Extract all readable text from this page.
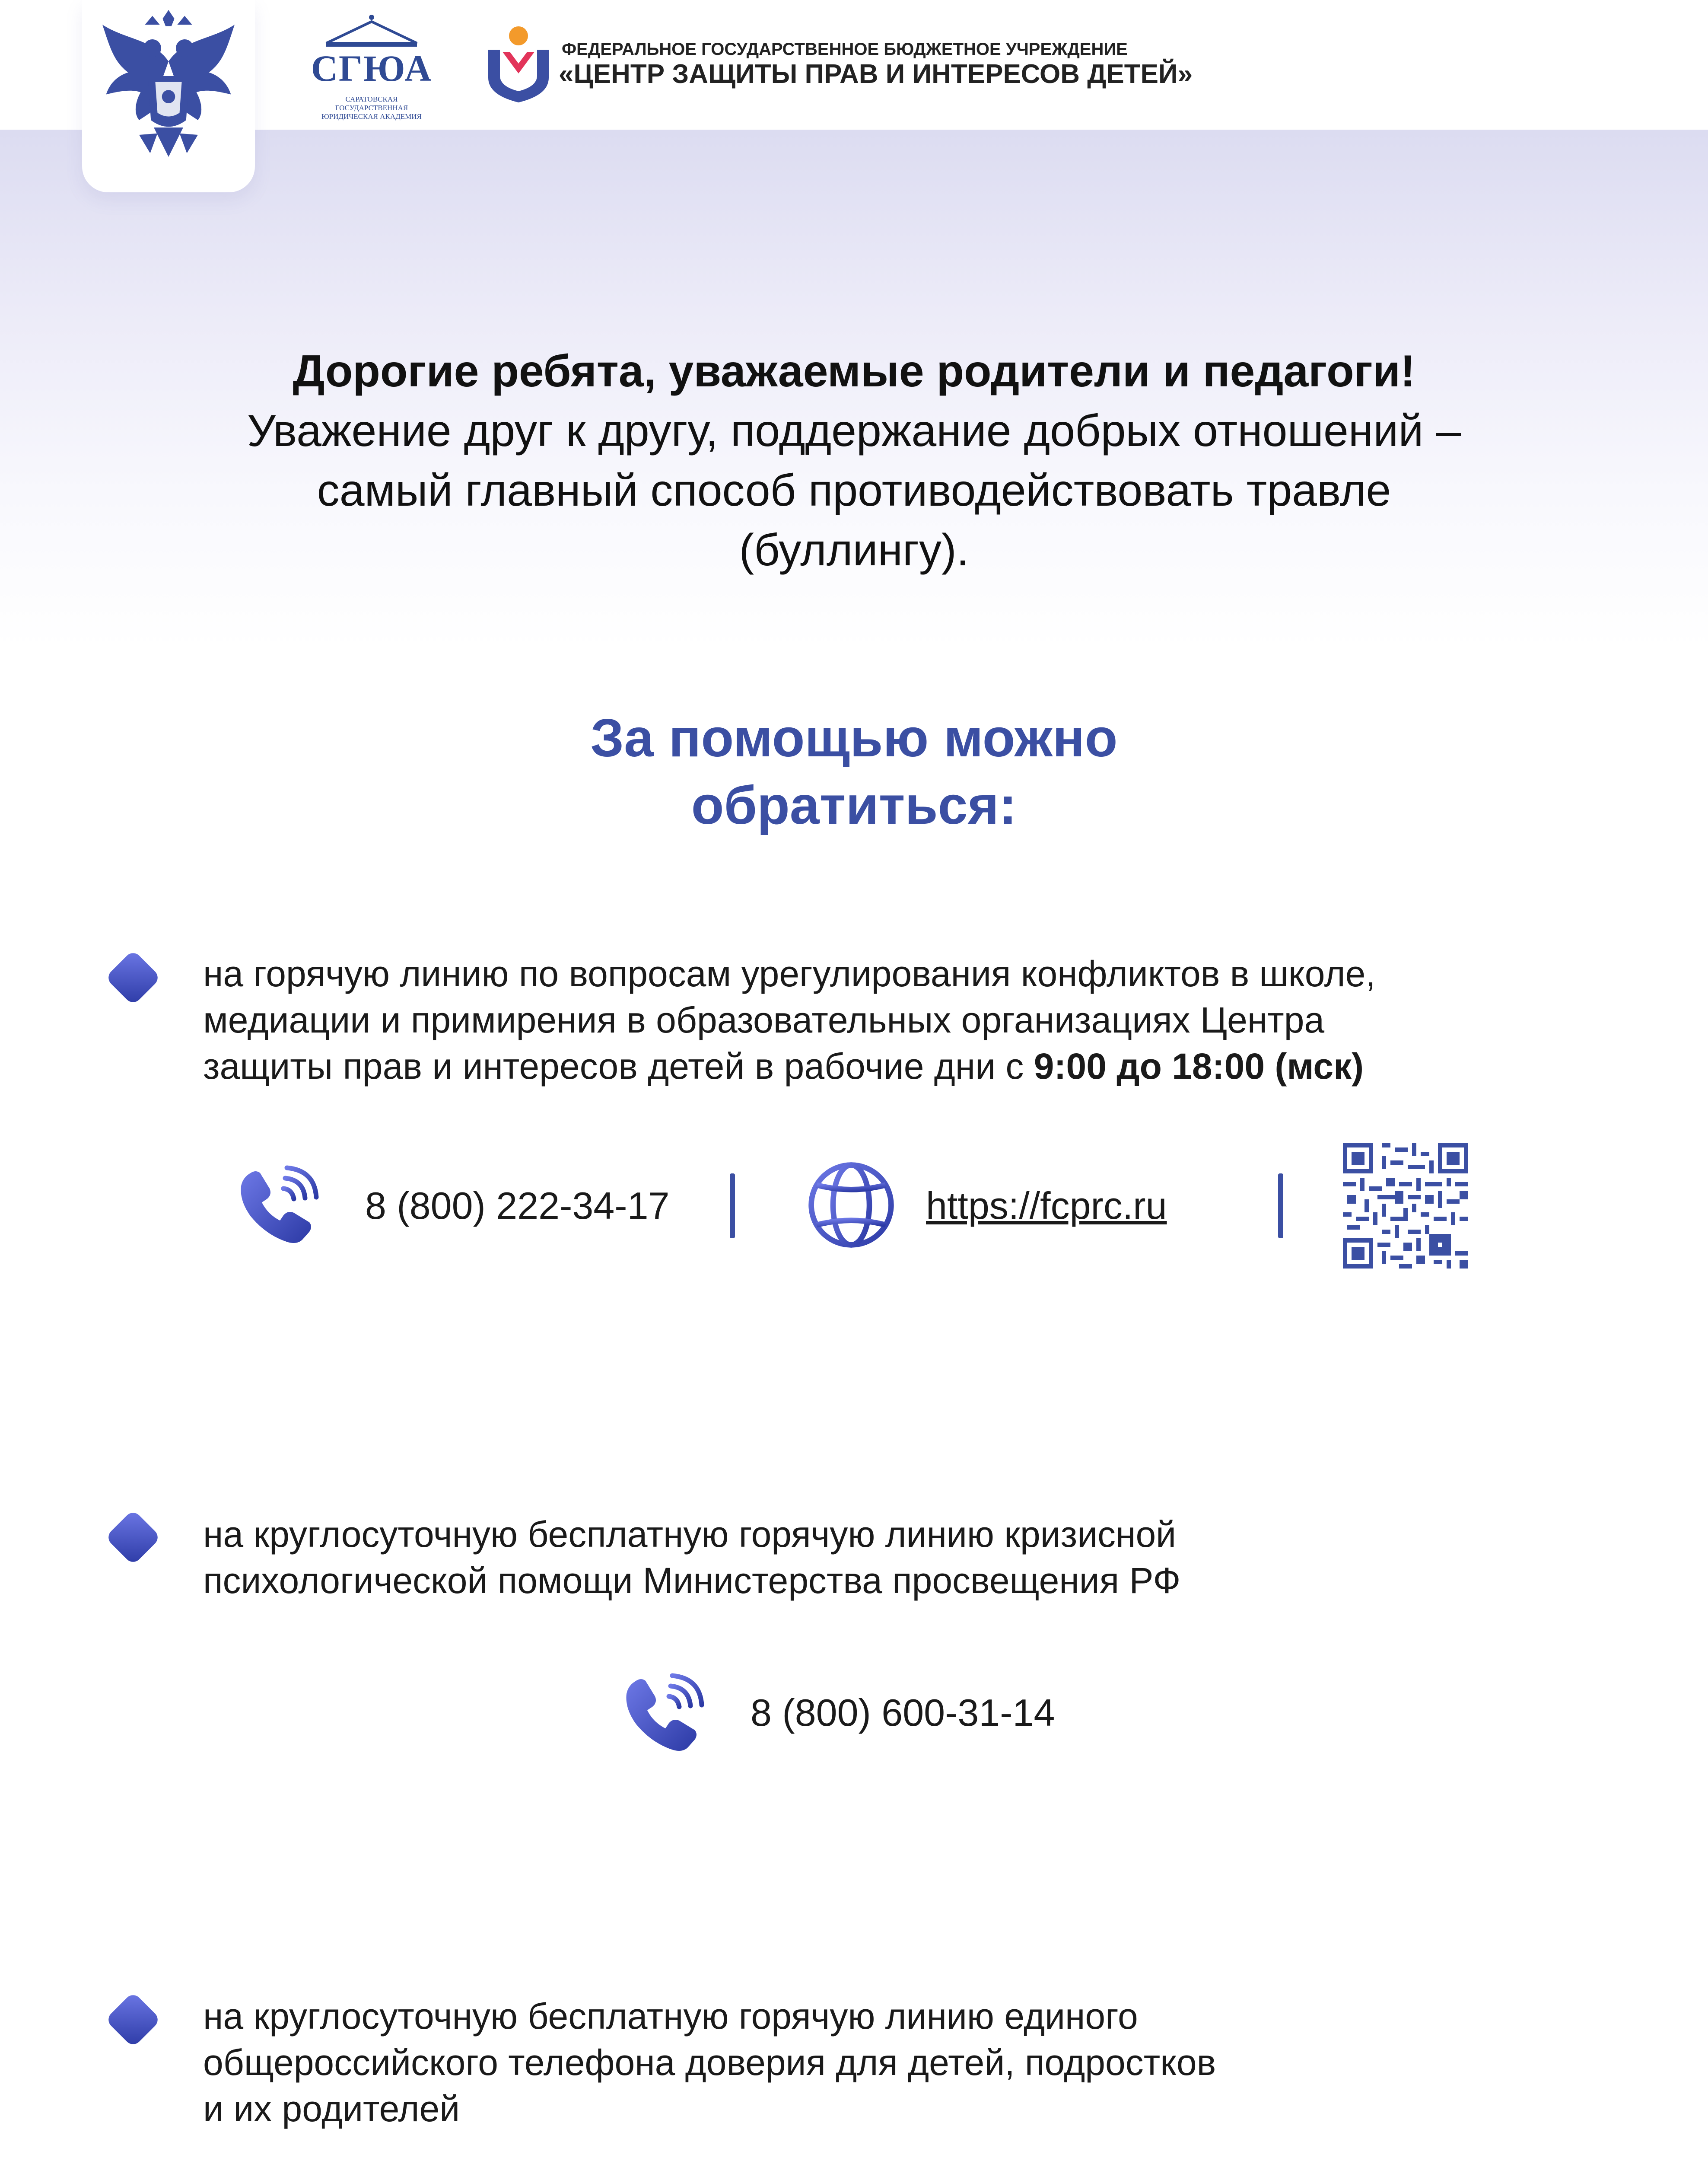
СГЮА
САРАТОВСКАЯ ГОСУДАРСТВЕННАЯ ЮРИДИЧЕСКАЯ АКАДЕМИЯ
ФЕДЕРАЛЬНОЕ ГОСУДАРСТВЕННОЕ БЮДЖЕТНОЕ УЧРЕЖДЕНИЕ
«ЦЕНТР ЗАЩИТЫ ПРАВ И ИНТЕРЕСОВ ДЕТЕЙ»
Дорогие ребята, уважаемые родители и педагоги!
Уважение друг к другу, поддержание добрых отношений –
самый главный способ противодействовать травле
(буллингу).
За помощью можно
обратиться:
на горячую линию по вопросам урегулирования конфликтов в школе,
медиации и примирения в образовательных организациях Центра
защиты прав и интересов детей в рабочие дни с 9:00 до 18:00 (мск)
8 (800) 222-34-17	https://fcprc.ru
на круглосуточную бесплатную горячую линию кризисной
психологической помощи Министерства просвещения РФ
8 (800) 600-31-14
на круглосуточную бесплатную горячую линию единого
общероссийского телефона доверия для детей, подростков
и их родителей
